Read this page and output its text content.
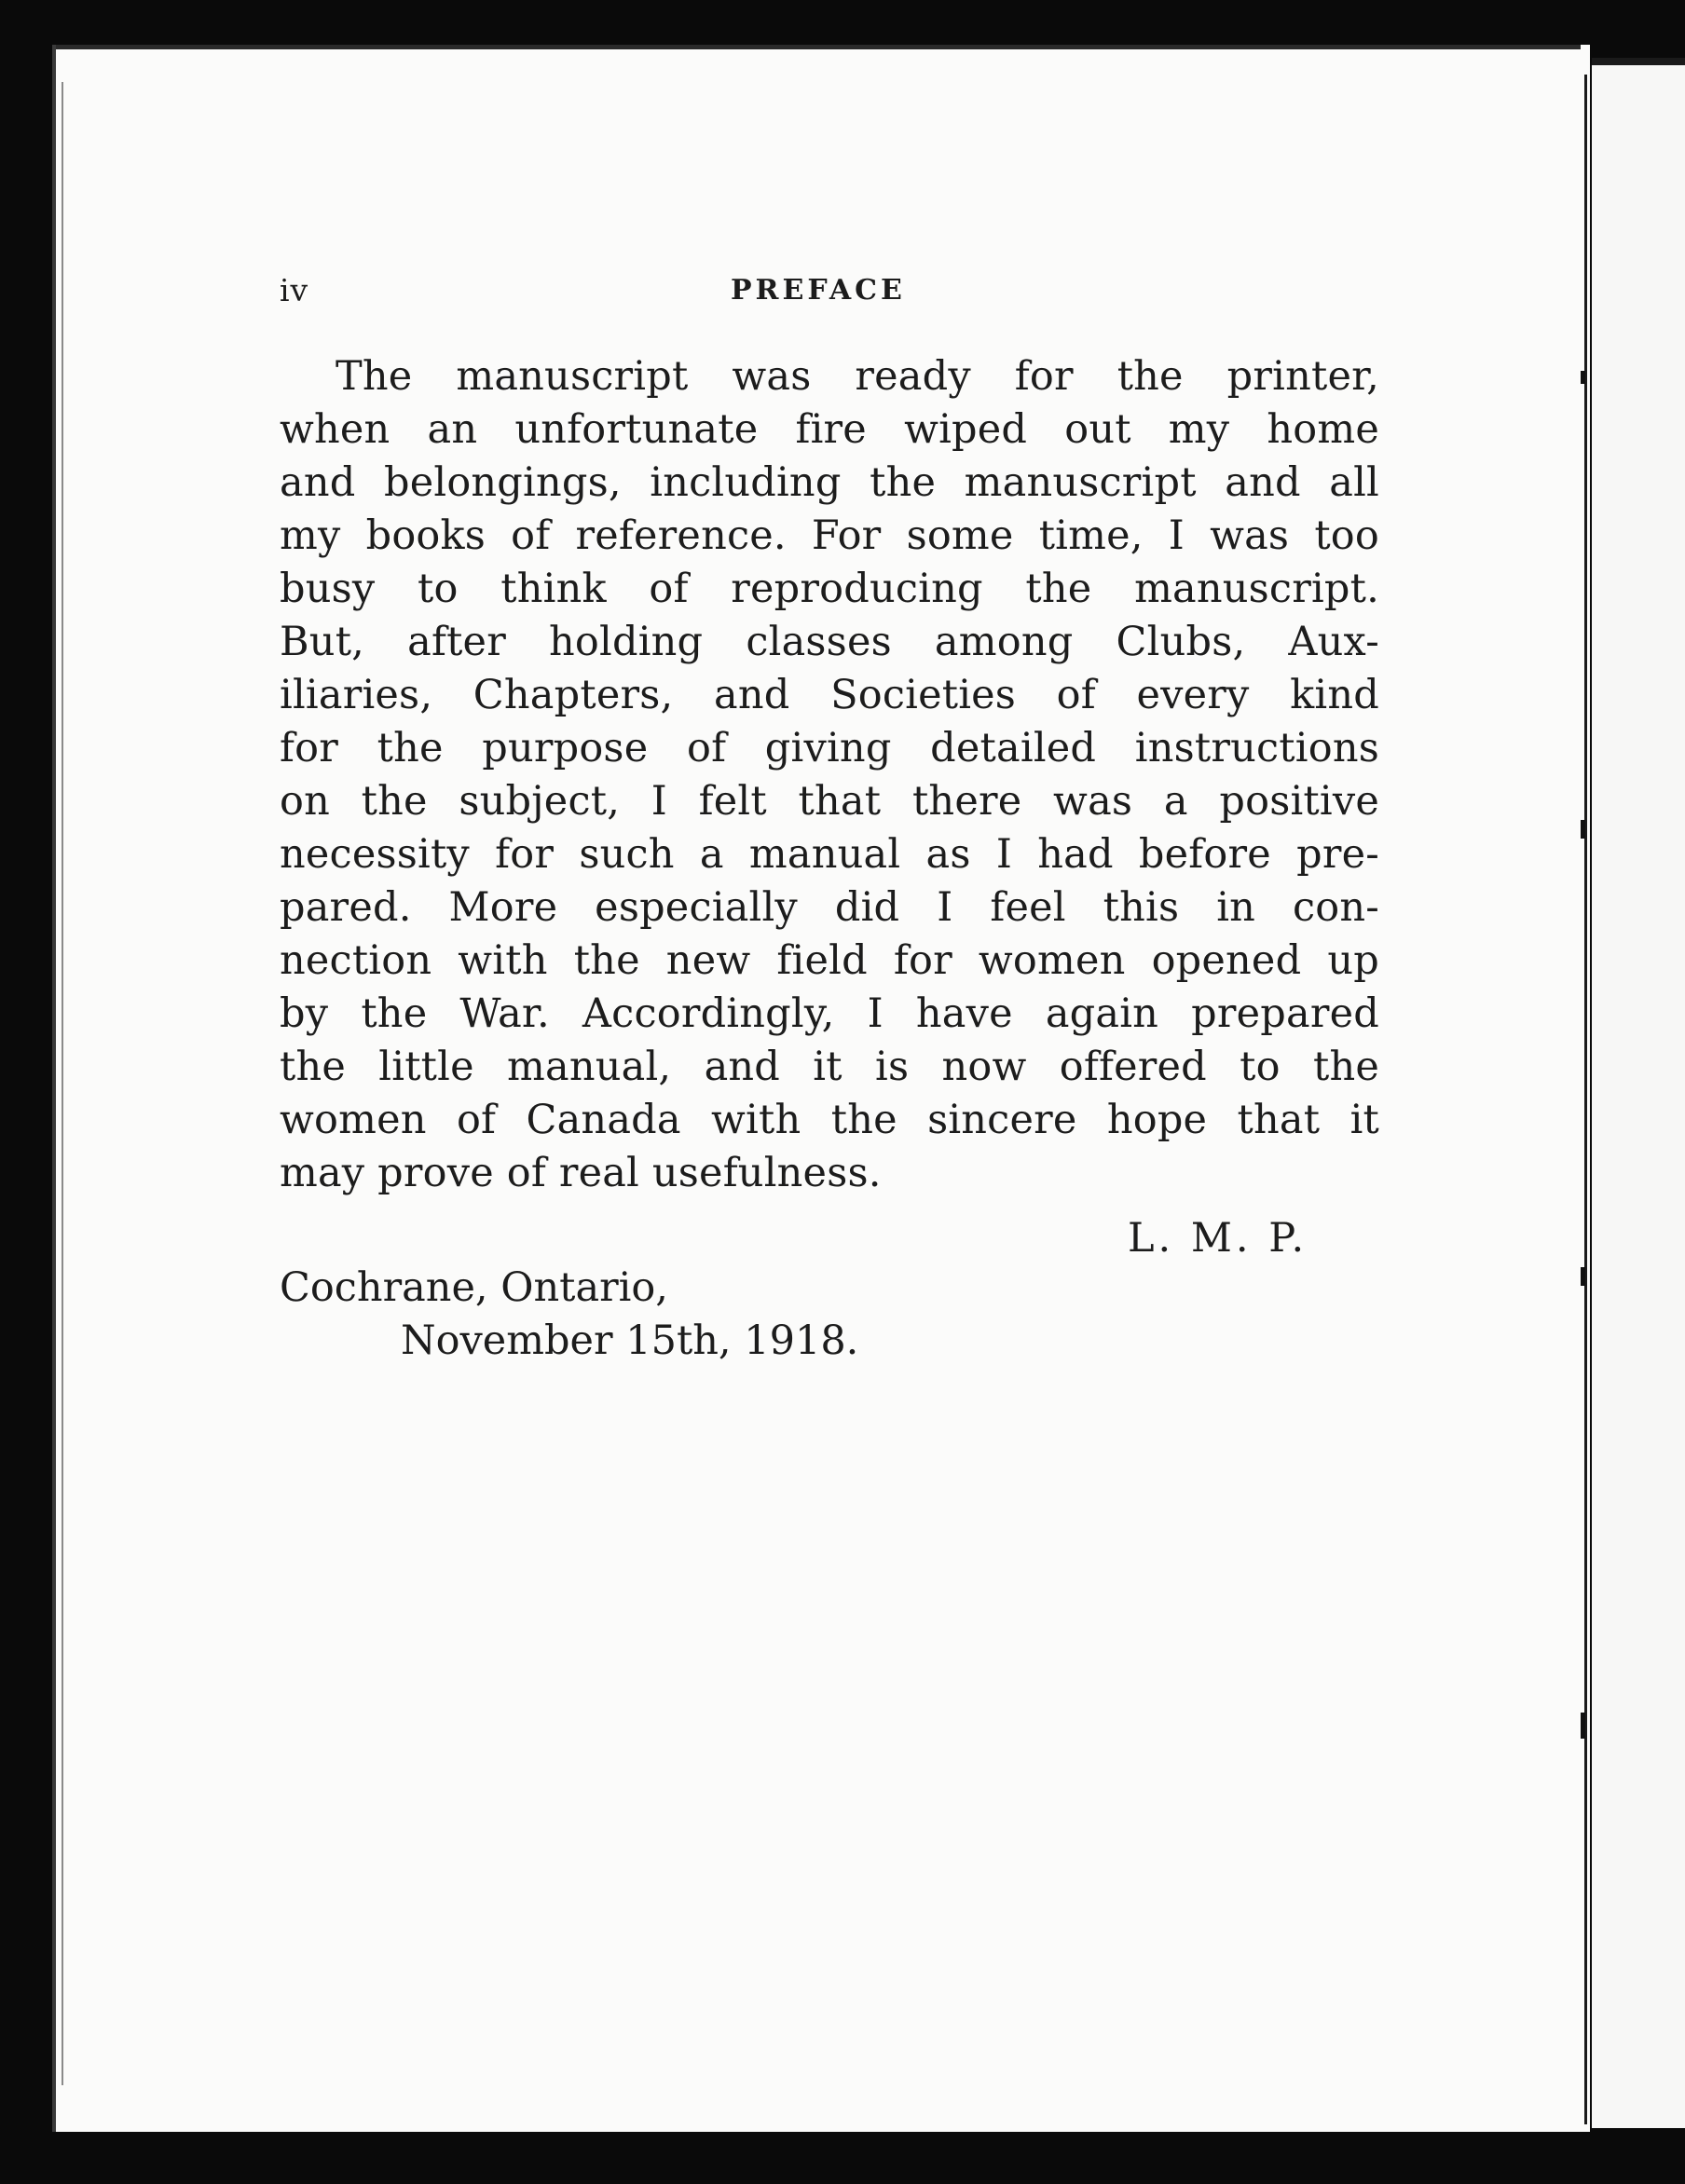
iv	PREFACE
The manuscript was ready for the printer,
when an unfortunate fire wiped out my home
and belongings, including the manuscript and all
my books of reference. For some time, I was too
busy to think of reproducing the manuscript.
But, after holding classes among Clubs, Aux-
iliaries, Chapters, and Societies of every kind
for the purpose of giving detailed instructions
on the subject, I felt that there was a positive
necessity for such a manual as I had before pre-
pared. More especially did I feel this in con-
nection with the new field for women opened up
by the War. Accordingly, I have again prepared
the little manual, and it is now offered to the
women of Canada with the sincere hope that it
may prove of real usefulness.
L. M. P.
Cochrane, Ontario,
November 15th, 1918.
